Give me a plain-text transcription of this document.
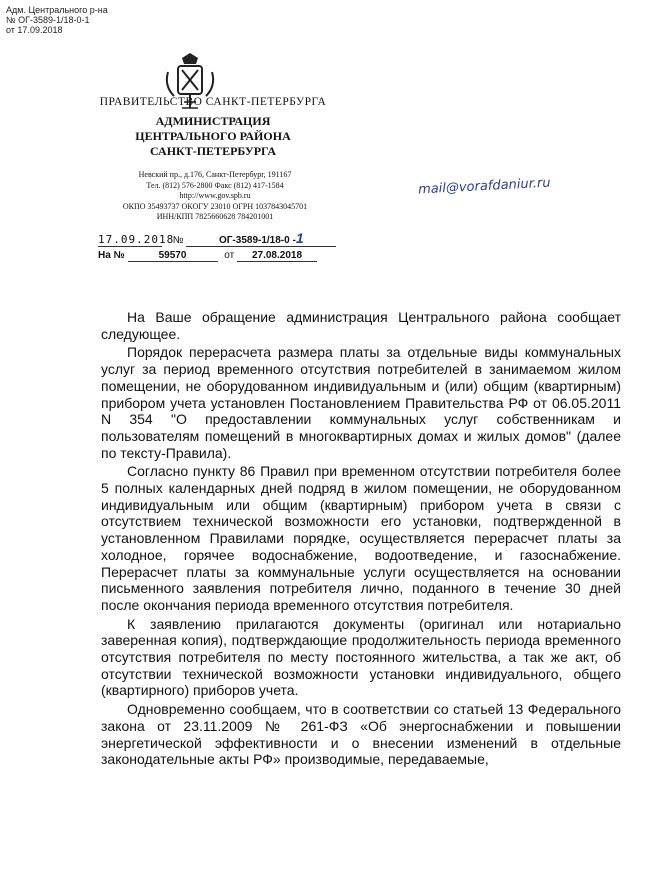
Адм. Центрального р-на
№ ОГ-3589-1/18-0-1
от 17.09.2018
ПРАВИТЕЛЬСТВО САНКТ-ПЕТЕРБУРГА
АДМИНИСТРАЦИЯ
ЦЕНТРАЛЬНОГО РАЙОНА
САНКТ-ПЕТЕРБУРГА
Невский пр., д.176, Санкт-Петербург, 191167
Тел. (812) 576-2800 Факс (812) 417-1584
http://www.gov.spb.ru
ОКПО 35493737 ОКОГУ 23010 ОГРН 1037843045701
ИНН/КПП 7825660628 784201001
mail@vorafdaniur.ru
17.09.2018 №	ОГ-3589-1/18-0 -1
На №	59570	от 27.08.2018

На Ваше обращение администрация Центрального района сообщает следующее.

Порядок перерасчета размера платы за отдельные виды коммунальных услуг за период временного отсутствия потребителей в занимаемом жилом помещении, не оборудованном индивидуальным и (или) общим (квартирным) прибором учета установлен Постановлением Правительства РФ от 06.05.2011 N 354 "О предоставлении коммунальных услуг собственникам и пользователям помещений в многоквартирных домах и жилых домов" (далее по тексту-Правила).

Согласно пункту 86 Правил при временном отсутствии потребителя более 5 полных календарных дней подряд в жилом помещении, не оборудованном индивидуальным или общим (квартирным) прибором учета в связи с отсутствием технической возможности его установки, подтвержденной в установленном Правилами порядке, осуществляется перерасчет платы за холодное, горячее водоснабжение, водоотведение, и газоснабжение. Перерасчет платы за коммунальные услуги осуществляется на основании письменного заявления потребителя лично, поданного в течение 30 дней после окончания периода временного отсутствия потребителя.

К заявлению прилагаются документы (оригинал или нотариально заверенная копия), подтверждающие продолжительность периода временного отсутствия потребителя по месту постоянного жительства, а так же акт, об отсутствии технической возможности установки индивидуального, общего (квартирного) приборов учета.

Одновременно сообщаем, что в соответствии со статьей 13 Федерального закона от 23.11.2009 № 261-ФЗ «Об энергоснабжении и повышении энергетической эффективности и о внесении изменений в отдельные законодательные акты РФ» производимые, передаваемые,
